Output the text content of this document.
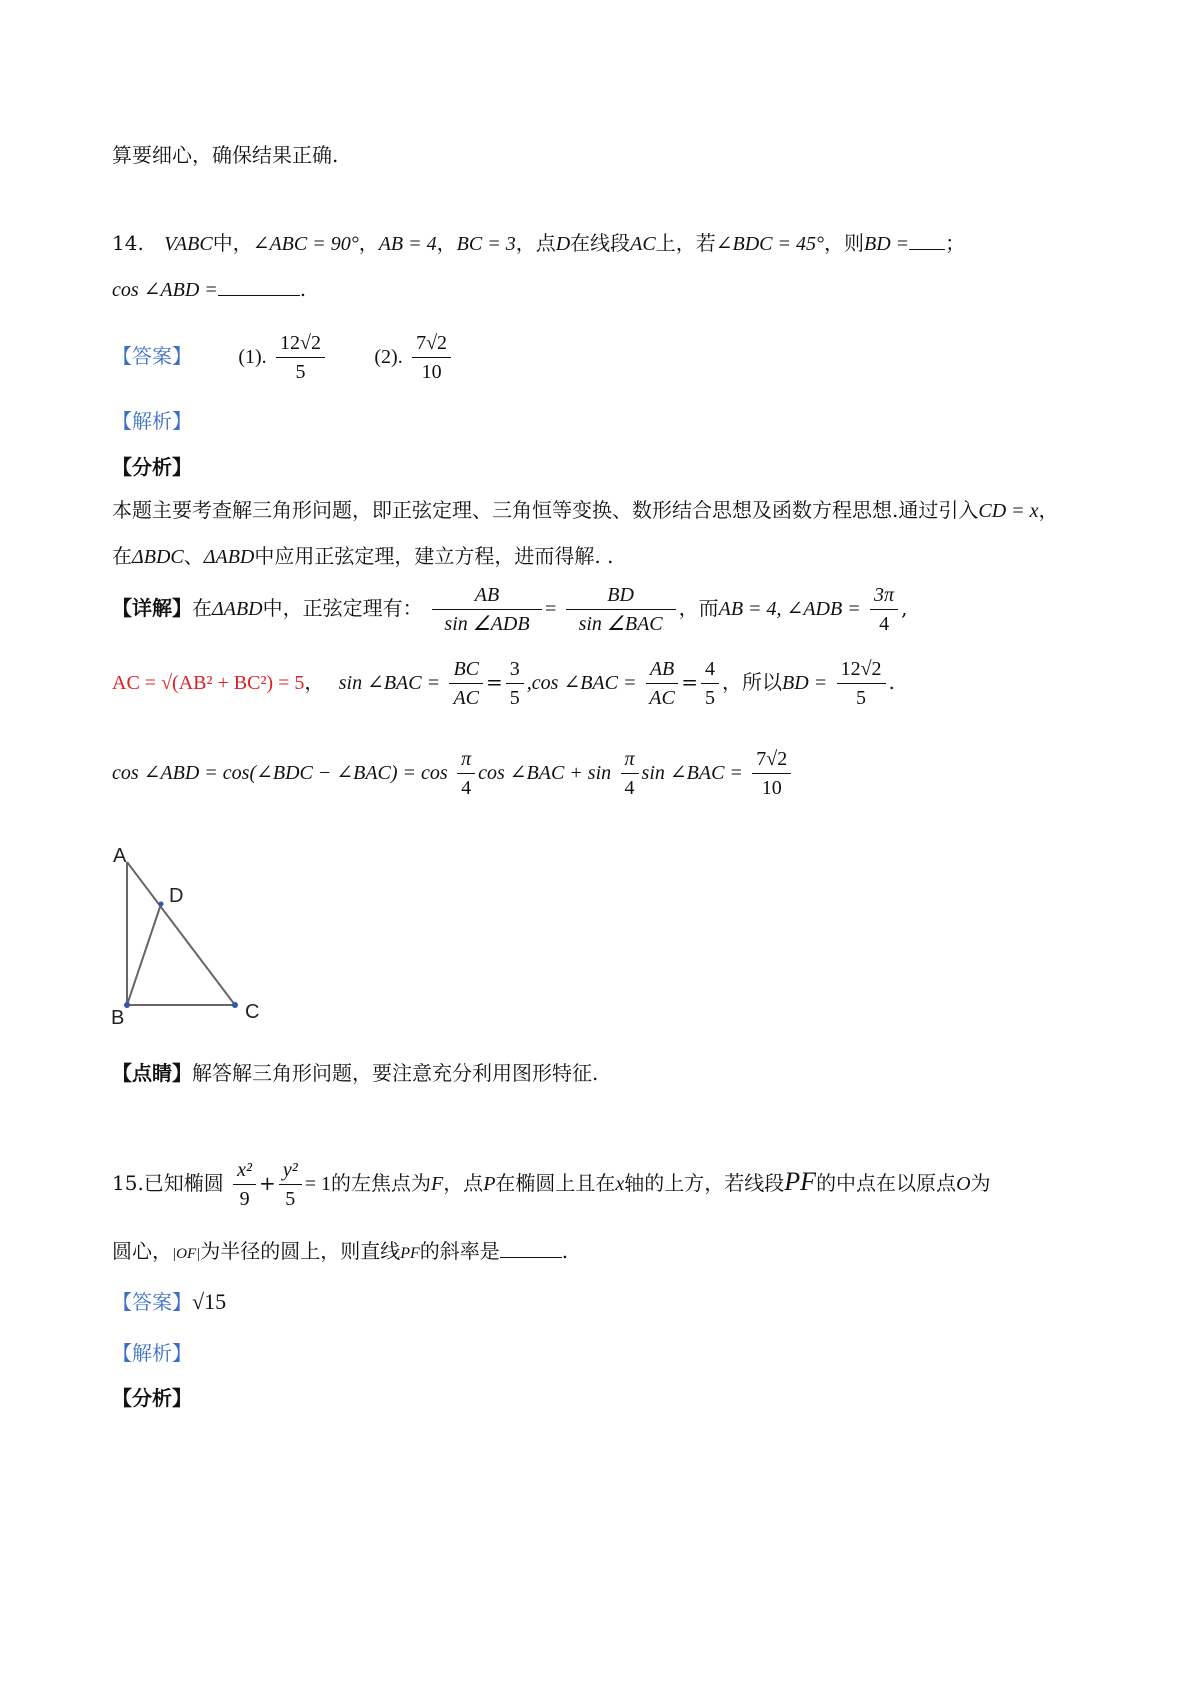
算要细心，确保结果正确.
14. VABC中，∠ABC = 90°，AB = 4，BC = 3，点D在线段AC上，若∠BDC = 45°，则BD = ；
cos ∠ABD =	.
【答案】 (1). $\frac{12√2}{5} (2)$. $\frac{7√2}{10}$
【解析】
【分析】
本题主要考查解三角形问题，即正弦定理、三角恒等变换、数形结合思想及函数方程思想.通过引入CD = x，
在ΔBDC、ΔABD中应用正弦定理，建立方程，进而得解. .
【详解】在ΔABD中，正弦定理有： $\frac{AB}{\text{sin ∠ADB}} = \frac{BD}{\text{sin ∠BAC}}$ ，而AB = 4, ∠ADB = $\frac{3\pi}{4}$ ,
AC = √(AB² + BC²) = 5， sin ∠BAC = $\frac{BC}{AC} = \frac{3}{5} ,\cos$ ∠BAC = $\frac{AB}{AC} = \frac{4}{5}$ ，所以BD = $\frac{12√2}{5}$ .
cos ∠ABD = cos(∠BDC − ∠BAC) = $\cos \frac{\pi}{4}$ cos ∠BAC + $\sin \frac{\pi}{4}$ sin ∠BAC = $\frac{7√2}{10}$
A
B	C
D
【点睛】解答解三角形问题，要注意充分利用图形特征.
15.已知椭圆 $\frac{\text{x²}}{9} + \frac{\text{y²}}{5} = 1$的左焦点为F，点P在椭圆上且在x轴的上方，若线段PF的中点在以原点O为
圆心，|OF|为半径的圆上，则直线PF的斜率是	.
【答案】√15
【解析】
【分析】
